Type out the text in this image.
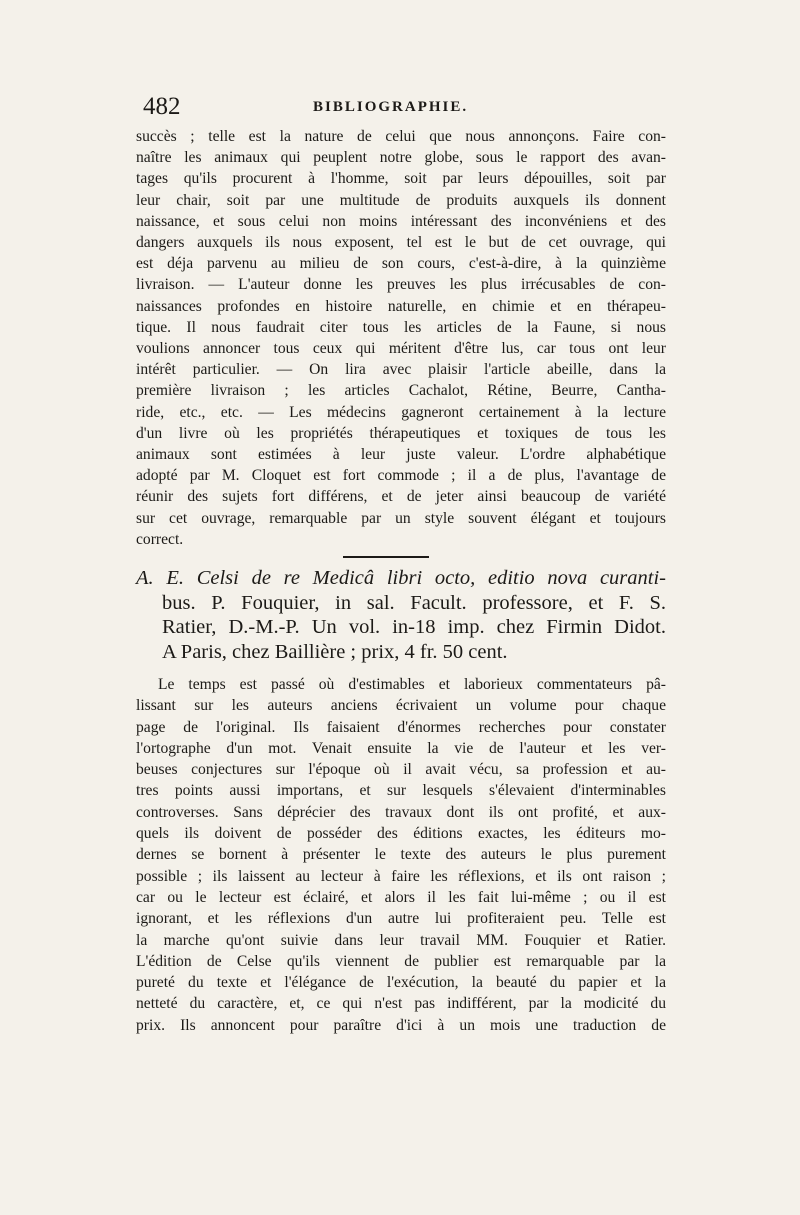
482	BIBLIOGRAPHIE.
succès ; telle est la nature de celui que nous annonçons. Faire con-
naître les animaux qui peuplent notre globe, sous le rapport des avan-
tages qu'ils procurent à l'homme, soit par leurs dépouilles, soit par
leur chair, soit par une multitude de produits auxquels ils donnent
naissance, et sous celui non moins intéressant des inconvéniens et des
dangers auxquels ils nous exposent, tel est le but de cet ouvrage, qui
est déja parvenu au milieu de son cours, c'est-à-dire, à la quinzième
livraison. — L'auteur donne les preuves les plus irrécusables de con-
naissances profondes en histoire naturelle, en chimie et en thérapeu-
tique. Il nous faudrait citer tous les articles de la Faune, si nous
voulions annoncer tous ceux qui méritent d'être lus, car tous ont leur
intérêt particulier. — On lira avec plaisir l'article abeille, dans la
première livraison ; les articles Cachalot, Rétine, Beurre, Cantha-
ride, etc., etc. — Les médecins gagneront certainement à la lecture
d'un livre où les propriétés thérapeutiques et toxiques de tous les
animaux sont estimées à leur juste valeur. L'ordre alphabétique
adopté par M. Cloquet est fort commode ; il a de plus, l'avantage de
réunir des sujets fort différens, et de jeter ainsi beaucoup de variété
sur cet ouvrage, remarquable par un style souvent élégant et toujours
correct.
A. E. Celsi de re Medicâ libri octo, editio nova curanti-
bus. P. Fouquier, in sal. Facult. professore, et F. S.
Ratier, D.-M.-P. Un vol. in-18 imp. chez Firmin Didot.
A Paris, chez Baillière ; prix, 4 fr. 50 cent.
Le temps est passé où d'estimables et laborieux commentateurs pâ-
lissant sur les auteurs anciens écrivaient un volume pour chaque
page de l'original. Ils faisaient d'énormes recherches pour constater
l'ortographe d'un mot. Venait ensuite la vie de l'auteur et les ver-
beuses conjectures sur l'époque où il avait vécu, sa profession et au-
tres points aussi importans, et sur lesquels s'élevaient d'interminables
controverses. Sans déprécier des travaux dont ils ont profité, et aux-
quels ils doivent de posséder des éditions exactes, les éditeurs mo-
dernes se bornent à présenter le texte des auteurs le plus purement
possible ; ils laissent au lecteur à faire les réflexions, et ils ont raison ;
car ou le lecteur est éclairé, et alors il les fait lui-même ; ou il est
ignorant, et les réflexions d'un autre lui profiteraient peu. Telle est
la marche qu'ont suivie dans leur travail MM. Fouquier et Ratier.
L'édition de Celse qu'ils viennent de publier est remarquable par la
pureté du texte et l'élégance de l'exécution, la beauté du papier et la
netteté du caractère, et, ce qui n'est pas indifférent, par la modicité du
prix. Ils annoncent pour paraître d'ici à un mois une traduction de
